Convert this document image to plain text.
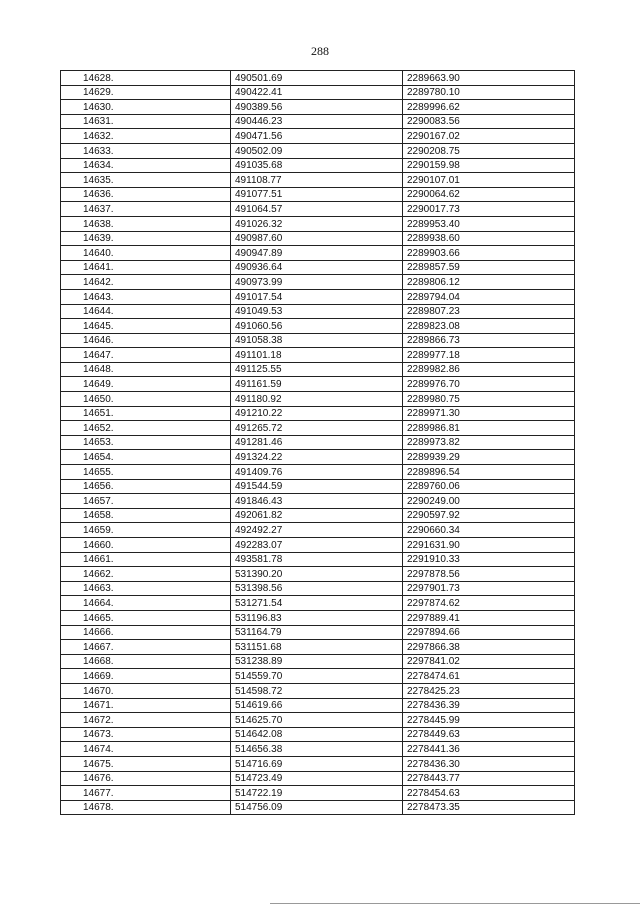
288
14628.	490501.69	2289663.90
14629.	490422.41	2289780.10
14630.	490389.56	2289996.62
14631.	490446.23	2290083.56
14632.	490471.56	2290167.02
14633.	490502.09	2290208.75
14634.	491035.68	2290159.98
14635.	491108.77	2290107.01
14636.	491077.51	2290064.62
14637.	491064.57	2290017.73
14638.	491026.32	2289953.40
14639.	490987.60	2289938.60
14640.	490947.89	2289903.66
14641.	490936.64	2289857.59
14642.	490973.99	2289806.12
14643.	491017.54	2289794.04
14644.	491049.53	2289807.23
14645.	491060.56	2289823.08
14646.	491058.38	2289866.73
14647.	491101.18	2289977.18
14648.	491125.55	2289982.86
14649.	491161.59	2289976.70
14650.	491180.92	2289980.75
14651.	491210.22	2289971.30
14652.	491265.72	2289986.81
14653.	491281.46	2289973.82
14654.	491324.22	2289939.29
14655.	491409.76	2289896.54
14656.	491544.59	2289760.06
14657.	491846.43	2290249.00
14658.	492061.82	2290597.92
14659.	492492.27	2290660.34
14660.	492283.07	2291631.90
14661.	493581.78	2291910.33
14662.	531390.20	2297878.56
14663.	531398.56	2297901.73
14664.	531271.54	2297874.62
14665.	531196.83	2297889.41
14666.	531164.79	2297894.66
14667.	531151.68	2297866.38
14668.	531238.89	2297841.02
14669.	514559.70	2278474.61
14670.	514598.72	2278425.23
14671.	514619.66	2278436.39
14672.	514625.70	2278445.99
14673.	514642.08	2278449.63
14674.	514656.38	2278441.36
14675.	514716.69	2278436.30
14676.	514723.49	2278443.77
14677.	514722.19	2278454.63
14678.	514756.09	2278473.35
